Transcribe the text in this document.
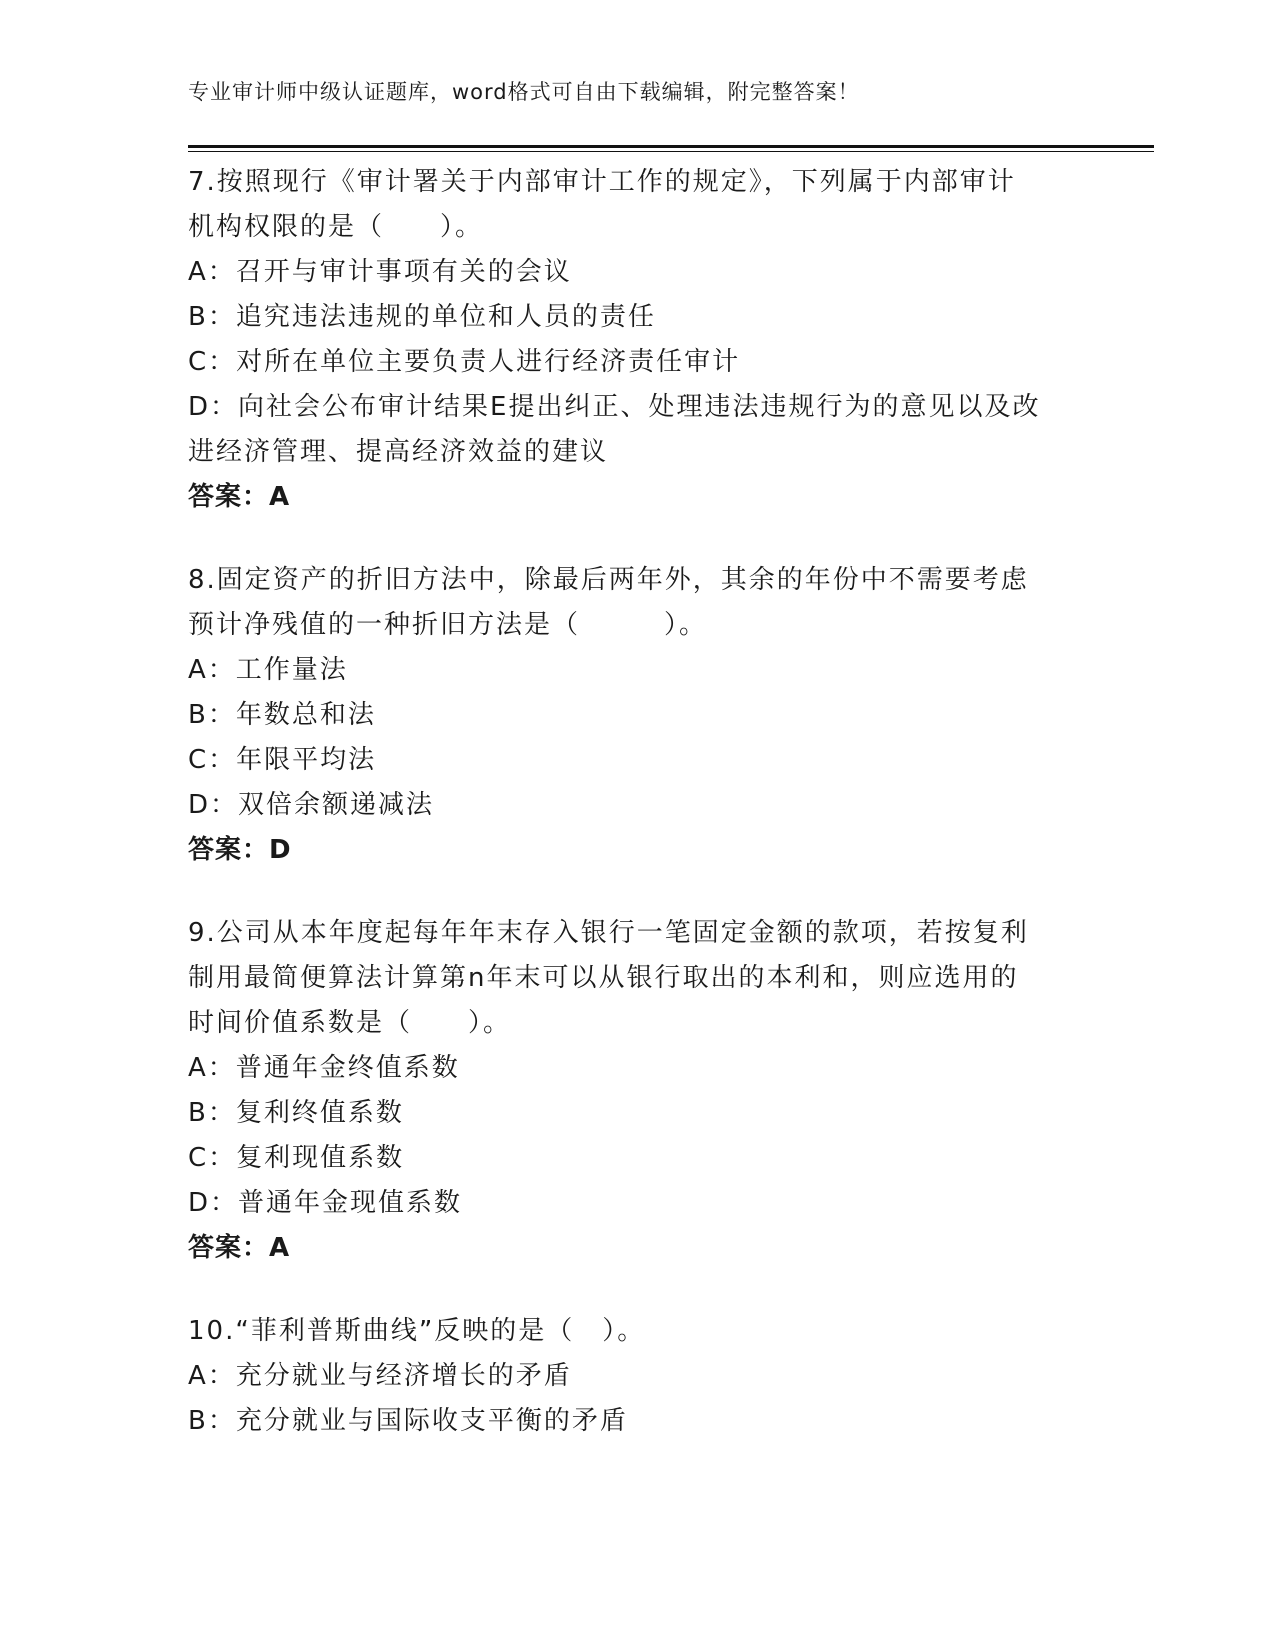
专业审计师中级认证题库，word格式可自由下载编辑，附完整答案！
7.按照现行《审计署关于内部审计工作的规定》，下列属于内部审计
机构权限的是（　　）。
A：召开与审计事项有关的会议
B：追究违法违规的单位和人员的责任
C：对所在单位主要负责人进行经济责任审计
D：向社会公布审计结果E提出纠正、处理违法违规行为的意见以及改
进经济管理、提高经济效益的建议
答案：A
8.固定资产的折旧方法中，除最后两年外，其余的年份中不需要考虑
预计净残值的一种折旧方法是（　　　）。
A：工作量法
B：年数总和法
C：年限平均法
D：双倍余额递减法
答案：D
9.公司从本年度起每年年末存入银行一笔固定金额的款项，若按复利
制用最简便算法计算第n年末可以从银行取出的本利和，则应选用的
时间价值系数是（　　）。
A：普通年金终值系数
B：复利终值系数
C：复利现值系数
D：普通年金现值系数
答案：A
10.“菲利普斯曲线”反映的是（　）。
A：充分就业与经济增长的矛盾
B：充分就业与国际收支平衡的矛盾
